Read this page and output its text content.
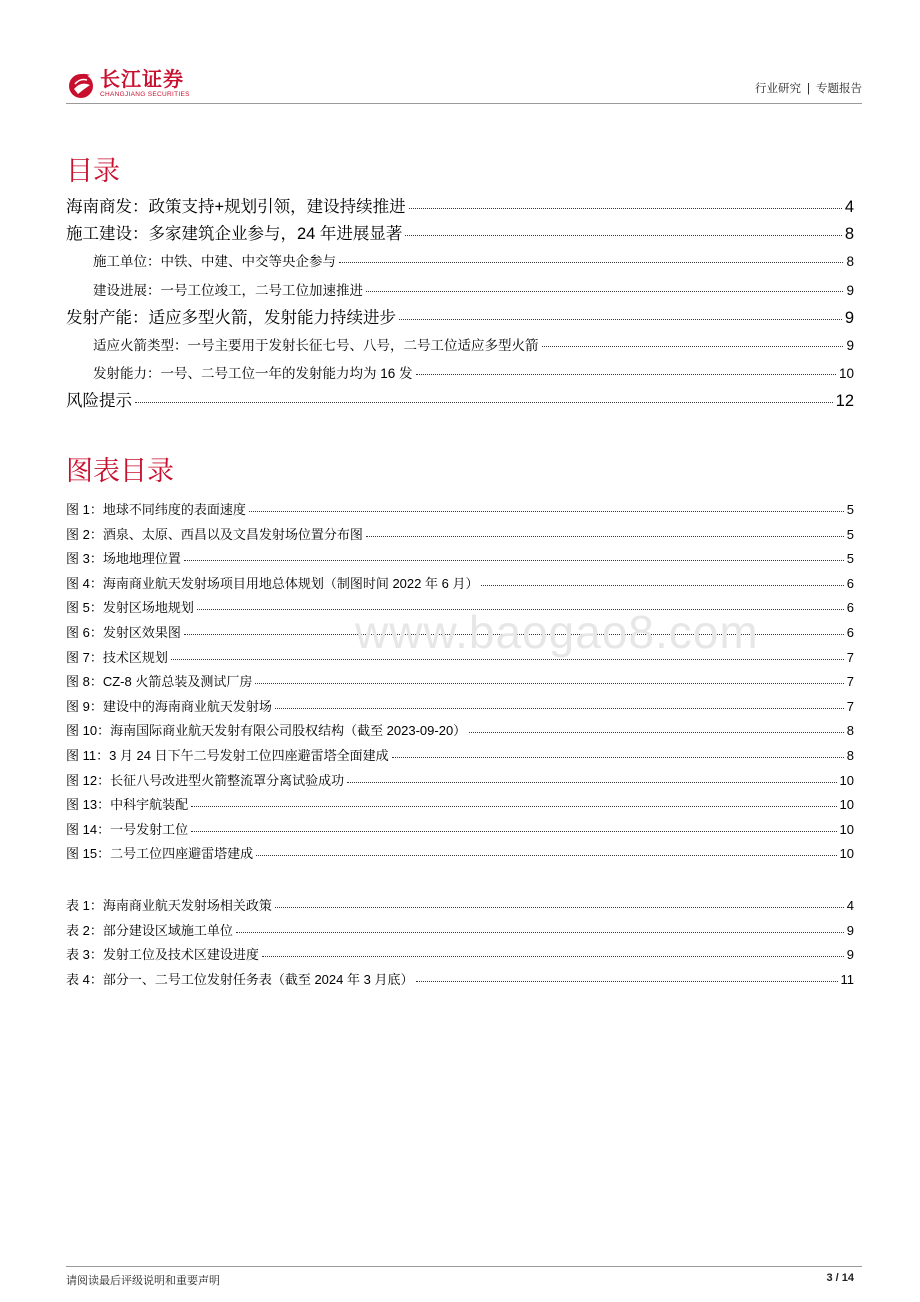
长江证券
CHANGJIANG SECURITIES	行业研究 | 专题报告
目录
海南商发：政策支持+规划引领，建设持续推进	4
施工建设：多家建筑企业参与，24 年进展显著	8
施工单位：中铁、中建、中交等央企参与	8
建设进展：一号工位竣工，二号工位加速推进	9
发射产能：适应多型火箭，发射能力持续进步	9
适应火箭类型：一号主要用于发射长征七号、八号，二号工位适应多型火箭	9
发射能力：一号、二号工位一年的发射能力均为 16 发	10
风险提示	12
图表目录
图 1：地球不同纬度的表面速度	5
图 2：酒泉、太原、西昌以及文昌发射场位置分布图	5
图 3：场地地理位置	5
图 4：海南商业航天发射场项目用地总体规划（制图时间 2022 年 6 月）	6
图 5：发射区场地规划	6
图 6：发射区效果图	6
图 7：技术区规划	7
图 8：CZ-8 火箭总装及测试厂房	7
图 9：建设中的海南商业航天发射场	7
图 10：海南国际商业航天发射有限公司股权结构（截至 2023-09-20）	8
图 11：3 月 24 日下午二号发射工位四座避雷塔全面建成	8
图 12：长征八号改进型火箭整流罩分离试验成功	10
图 13：中科宇航装配	10
图 14：一号发射工位	10
图 15：二号工位四座避雷塔建成	10
表 1：海南商业航天发射场相关政策	4
表 2：部分建设区域施工单位	9
表 3：发射工位及技术区建设进度	9
表 4：部分一、二号工位发射任务表（截至 2024 年 3 月底）	11
www.baogao8.com
请阅读最后评级说明和重要声明	3 / 14
